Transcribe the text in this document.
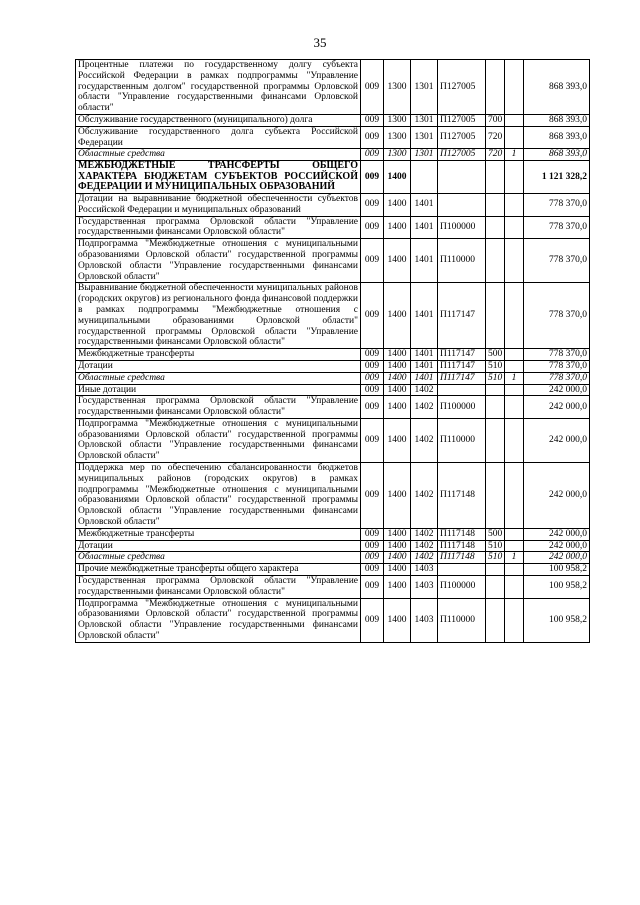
35
Процентные платежи по государственному долгу субъекта Российской Федерации в рамках подпрограммы "Управление государственным долгом" государственной программы Орловской области "Управление государственными финансами Орловской области"	009	1300	1301	П127005			868 393,0
Обслуживание государственного (муниципального) долга	009	1300	1301	П127005	700		868 393,0
Обслуживание государственного долга субъекта Российской Федерации	009	1300	1301	П127005	720		868 393,0
Областные средства	009	1300	1301	П127005	720	1	868 393,0
МЕЖБЮДЖЕТНЫЕ ТРАНСФЕРТЫ ОБЩЕГО ХАРАКТЕРА БЮДЖЕТАМ СУБЪЕКТОВ РОССИЙСКОЙ ФЕДЕРАЦИИ И МУНИЦИПАЛЬНЫХ ОБРАЗОВАНИЙ	009	1400					1 121 328,2
Дотации на выравнивание бюджетной обеспеченности субъектов Российской Федерации и муниципальных образований	009	1400	1401				778 370,0
Государственная программа Орловской области "Управление государственными финансами Орловской области"	009	1400	1401	П100000			778 370,0
Подпрограмма "Межбюджетные отношения с муниципальными образованиями Орловской области" государственной программы Орловской области "Управление государственными финансами Орловской области"	009	1400	1401	П110000			778 370,0
Выравнивание бюджетной обеспеченности муниципальных районов (городских округов) из регионального фонда финансовой поддержки в рамках подпрограммы "Межбюджетные отношения с муниципальными образованиями Орловской области" государственной программы Орловской области "Управление государственными финансами Орловской области"	009	1400	1401	П117147			778 370,0
Межбюджетные трансферты	009	1400	1401	П117147	500		778 370,0
Дотации	009	1400	1401	П117147	510		778 370,0
Областные средства	009	1400	1401	П117147	510	1	778 370,0
Иные дотации	009	1400	1402				242 000,0
Государственная программа Орловской области "Управление государственными финансами Орловской области"	009	1400	1402	П100000			242 000,0
Подпрограмма "Межбюджетные отношения с муниципальными образованиями Орловской области" государственной программы Орловской области "Управление государственными финансами Орловской области"	009	1400	1402	П110000			242 000,0
Поддержка мер по обеспечению сбалансированности бюджетов муниципальных районов (городских округов) в рамках подпрограммы "Межбюджетные отношения с муниципальными образованиями Орловской области" государственной программы Орловской области "Управление государственными финансами Орловской области"	009	1400	1402	П117148			242 000,0
Межбюджетные трансферты	009	1400	1402	П117148	500		242 000,0
Дотации	009	1400	1402	П117148	510		242 000,0
Областные средства	009	1400	1402	П117148	510	1	242 000,0
Прочие межбюджетные трансферты общего характера	009	1400	1403				100 958,2
Государственная программа Орловской области "Управление государственными финансами Орловской области"	009	1400	1403	П100000			100 958,2
Подпрограмма "Межбюджетные отношения с муниципальными образованиями Орловской области" государственной программы Орловской области "Управление государственными финансами Орловской области"	009	1400	1403	П110000			100 958,2
